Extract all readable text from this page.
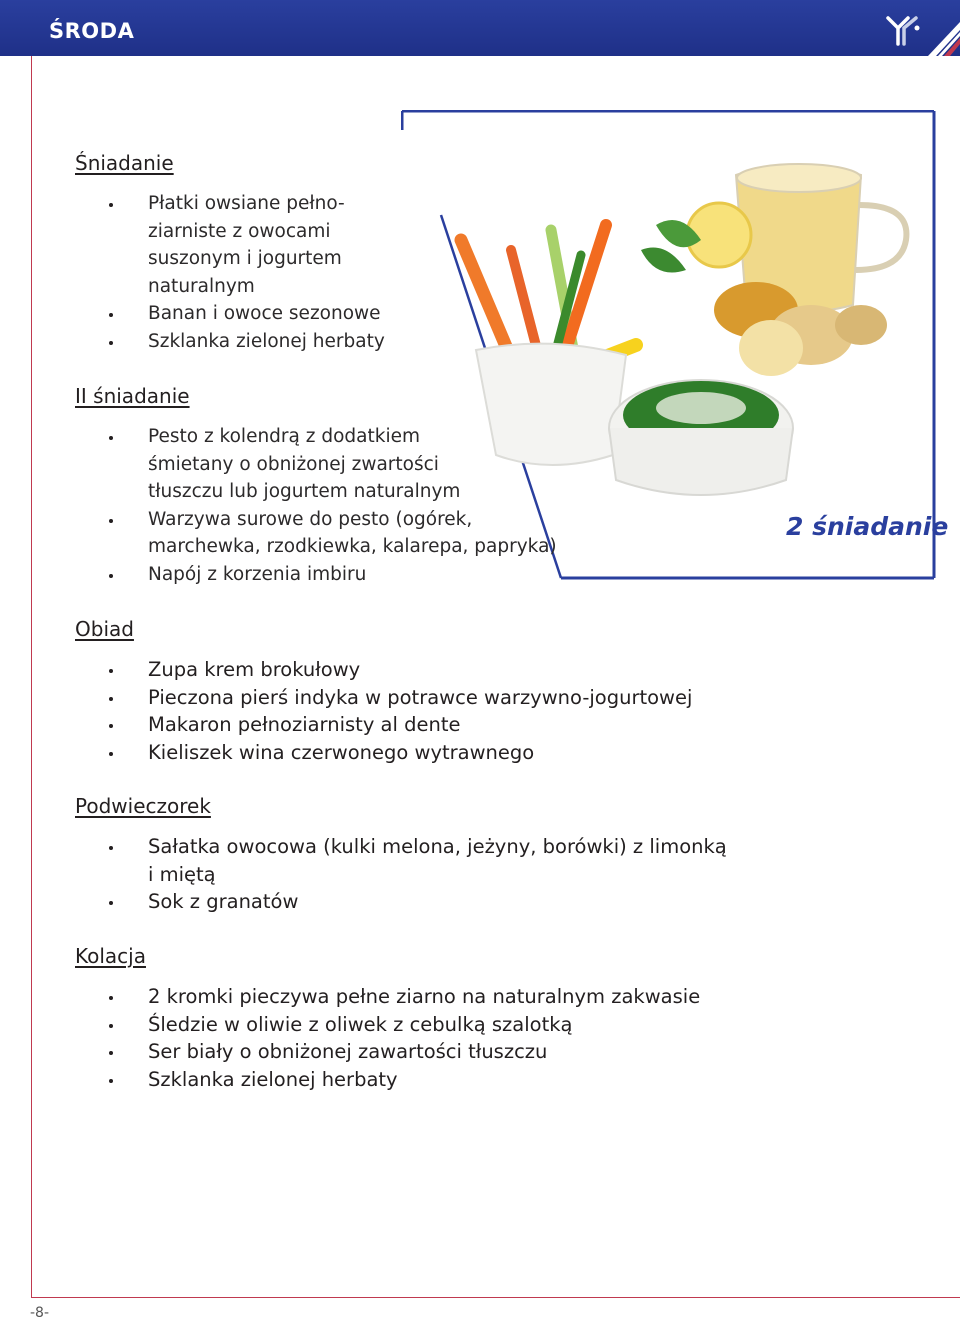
ŚRODA
2 śniadanie
Śniadanie
Płatki owsiane pełno-
ziarniste z owocami
suszonym i jogurtem
naturalnym
Banan i owoce sezonowe
Szklanka zielonej herbaty
II śniadanie
Pesto z kolendrą z dodatkiem
śmietany o obniżonej zwartości
tłuszczu lub jogurtem naturalnym
Warzywa surowe do pesto (ogórek,
marchewka, rzodkiewka, kalarepa, papryka)
Napój z korzenia imbiru
Obiad
Zupa krem brokułowy
Pieczona pierś indyka w potrawce warzywno-jogurtowej
Makaron pełnoziarnisty al dente
Kieliszek wina czerwonego wytrawnego
Podwieczorek
Sałatka owocowa (kulki melona, jeżyny, borówki) z limonką
i miętą
Sok z granatów
Kolacja
2 kromki pieczywa pełne ziarno na naturalnym zakwasie
Śledzie w oliwie z oliwek z cebulką szalotką
Ser biały o obniżonej zawartości tłuszczu
Szklanka zielonej herbaty
-8-
